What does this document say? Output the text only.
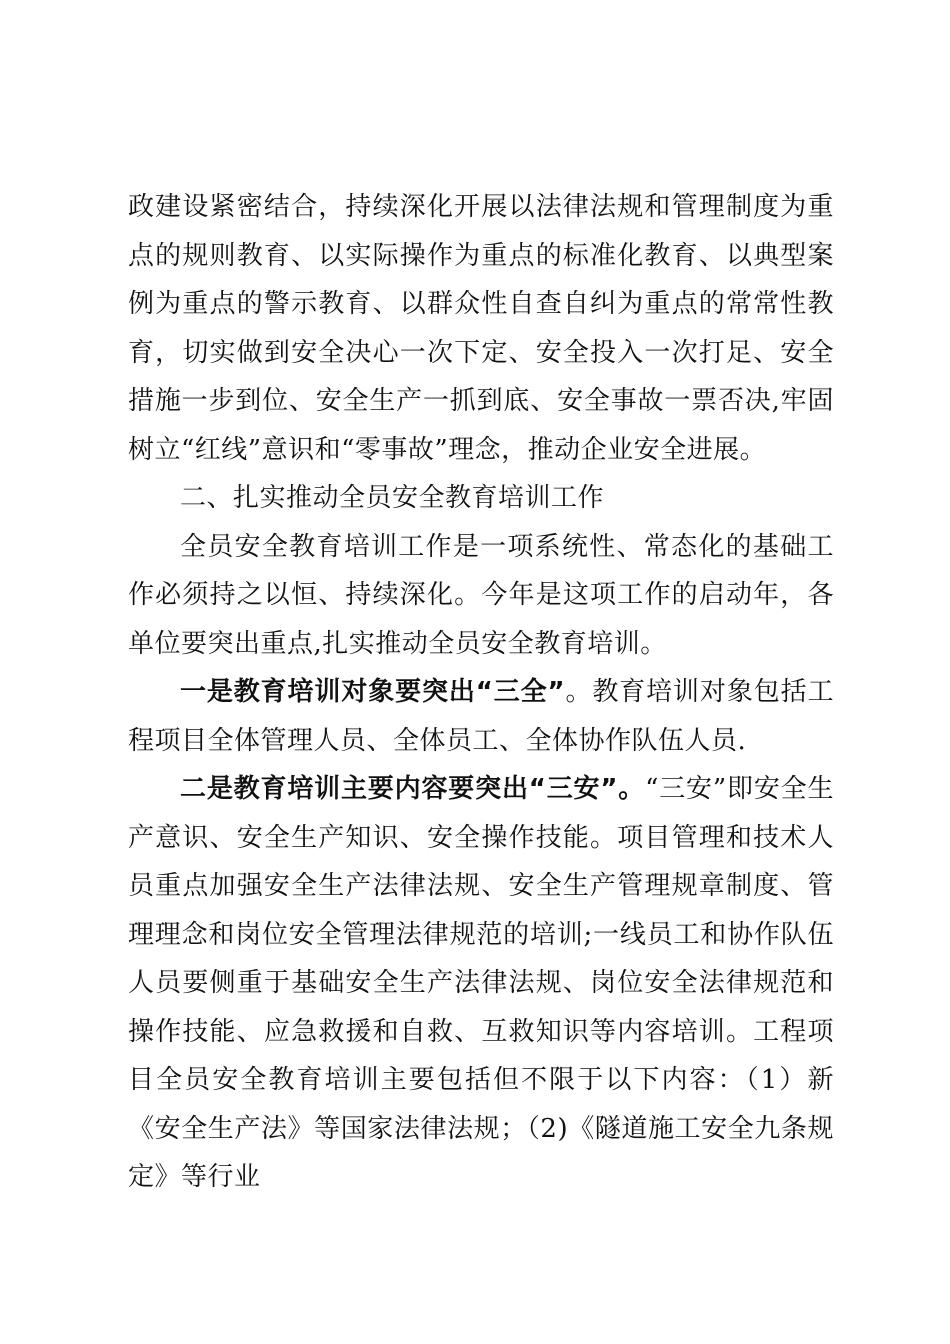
政建设紧密结合，持续深化开展以法律法规和管理制度为重点的规则教育、以实际操作为重点的标准化教育、以典型案例为重点的警示教育、以群众性自查自纠为重点的常常性教育，切实做到安全决心一次下定、安全投入一次打足、安全措施一步到位、安全生产一抓到底、安全事故一票否决,牢固树立“红线”意识和“零事故”理念，推动企业安全进展。

二、扎实推动全员安全教育培训工作

全员安全教育培训工作是一项系统性、常态化的基础工作必须持之以恒、持续深化。今年是这项工作的启动年，各单位要突出重点,扎实推动全员安全教育培训。

一是教育培训对象要突出“三全”。教育培训对象包括工程项目全体管理人员、全体员工、全体协作队伍人员.

二是教育培训主要内容要突出“三安”。“三安”即安全生产意识、安全生产知识、安全操作技能。项目管理和技术人员重点加强安全生产法律法规、安全生产管理规章制度、管理理念和岗位安全管理法律规范的培训;一线员工和协作队伍人员要侧重于基础安全生产法律法规、岗位安全法律规范和操作技能、应急救援和自救、互救知识等内容培训。工程项目全员安全教育培训主要包括但不限于以下内容：（1）新《安全生产法》等国家法律法规；（2)《隧道施工安全九条规定》等行业
